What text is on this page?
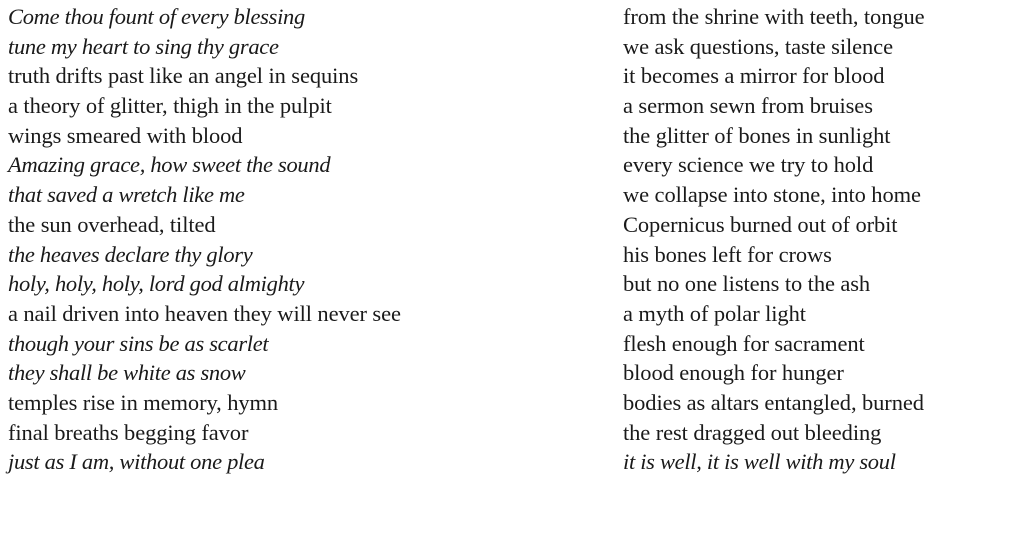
Come thou fount of every blessing
tune my heart to sing thy grace
truth drifts past like an angel in sequins
a theory of glitter, thigh in the pulpit
wings smeared with blood
Amazing grace, how sweet the sound
that saved a wretch like me
the sun overhead, tilted
the heaves declare thy glory
holy, holy, holy, lord god almighty
a nail driven into heaven they will never see
though your sins be as scarlet
they shall be white as snow
temples rise in memory, hymn
final breaths begging favor
just as I am, without one plea
from the shrine with teeth, tongue
we ask questions, taste silence
it becomes a mirror for blood
a sermon sewn from bruises
the glitter of bones in sunlight
every science we try to hold
we collapse into stone, into home
Copernicus burned out of orbit
his bones left for crows
but no one listens to the ash
a myth of polar light
flesh enough for sacrament
blood enough for hunger
bodies as altars entangled, burned
the rest dragged out bleeding
it is well, it is well with my soul
